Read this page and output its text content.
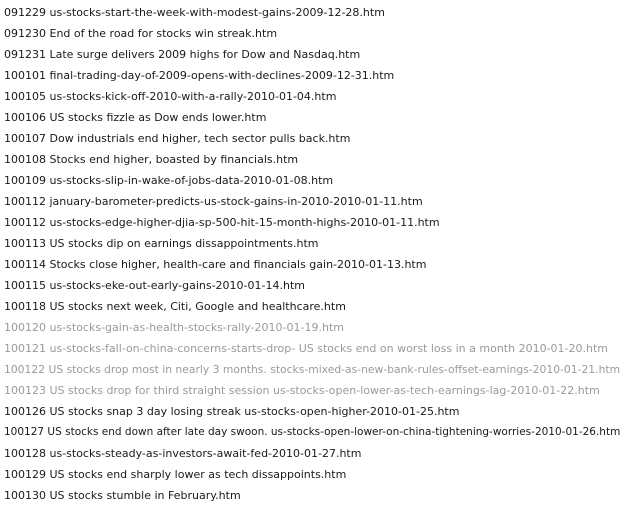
091229 us-stocks-start-the-week-with-modest-gains-2009-12-28.htm
091230 End of the road for stocks win streak.htm
091231 Late surge delivers 2009 highs for Dow and Nasdaq.htm
100101 final-trading-day-of-2009-opens-with-declines-2009-12-31.htm
100105 us-stocks-kick-off-2010-with-a-rally-2010-01-04.htm
100106 US stocks fizzle as Dow ends lower.htm
100107 Dow industrials end higher, tech sector pulls back.htm
100108 Stocks end higher, boasted by financials.htm
100109 us-stocks-slip-in-wake-of-jobs-data-2010-01-08.htm
100112 january-barometer-predicts-us-stock-gains-in-2010-2010-01-11.htm
100112 us-stocks-edge-higher-djia-sp-500-hit-15-month-highs-2010-01-11.htm
100113 US stocks dip on earnings dissappointments.htm
100114 Stocks close higher, health-care and financials gain-2010-01-13.htm
100115 us-stocks-eke-out-early-gains-2010-01-14.htm
100118 US stocks next week, Citi, Google and healthcare.htm
100120 us-stocks-gain-as-health-stocks-rally-2010-01-19.htm
100121 us-stocks-fall-on-china-concerns-starts-drop- US stocks end on worst loss in a month 2010-01-20.htm
100122 US stocks drop most in nearly 3 months. stocks-mixed-as-new-bank-rules-offset-earnings-2010-01-21.htm
100123 US stocks drop for third straight session us-stocks-open-lower-as-tech-earnings-lag-2010-01-22.htm
100126 US stocks snap 3 day losing streak us-stocks-open-higher-2010-01-25.htm
100127 US stocks end down after late day swoon. us-stocks-open-lower-on-china-tightening-worries-2010-01-26.htm
100128 us-stocks-steady-as-investors-await-fed-2010-01-27.htm
100129 US stocks end sharply lower as tech dissappoints.htm
100130 US stocks stumble in February.htm
